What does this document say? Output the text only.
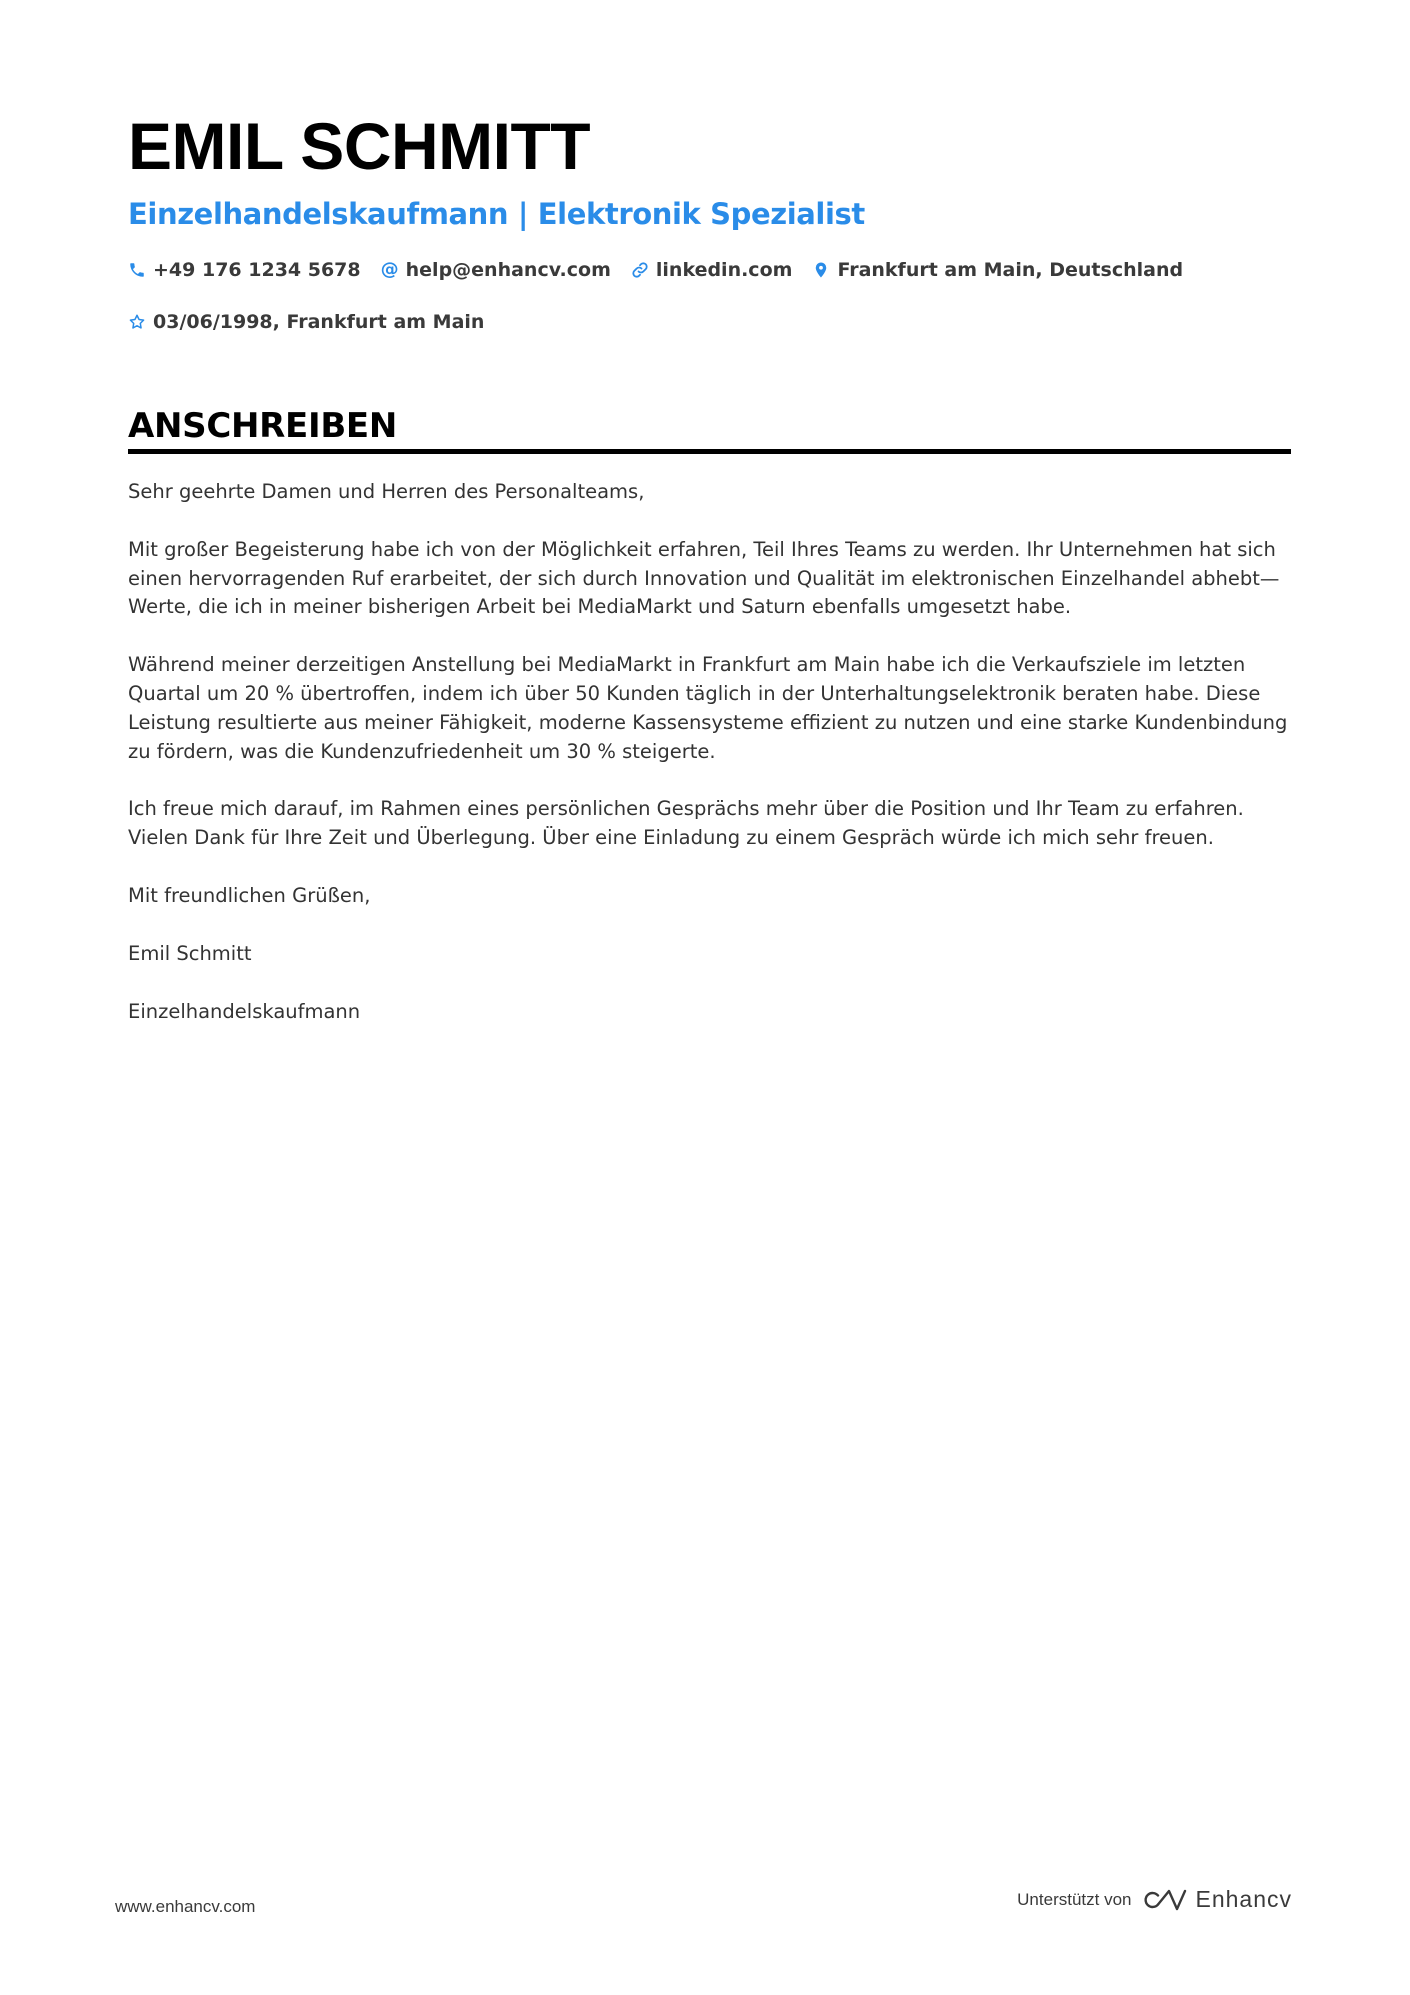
EMIL SCHMITT
Einzelhandelskaufmann | Elektronik Spezialist
+49 176 1234 5678 @ help@enhancv.com linkedin.com Frankfurt am Main, Deutschland
03/06/1998, Frankfurt am Main
ANSCHREIBEN

Sehr geehrte Damen und Herren des Personalteams,

Mit großer Begeisterung habe ich von der Möglichkeit erfahren, Teil Ihres Teams zu werden. Ihr Unternehmen hat sich einen hervorragenden Ruf erarbeitet, der sich durch Innovation und Qualität im elektronischen Einzelhandel abhebt—Werte, die ich in meiner bisherigen Arbeit bei MediaMarkt und Saturn ebenfalls umgesetzt habe.

Während meiner derzeitigen Anstellung bei MediaMarkt in Frankfurt am Main habe ich die Verkaufsziele im letzten Quartal um 20 % übertroffen, indem ich über 50 Kunden täglich in der Unterhaltungselektronik beraten habe. Diese Leistung resultierte aus meiner Fähigkeit, moderne Kassensysteme effizient zu nutzen und eine starke Kundenbindung zu fördern, was die Kundenzufriedenheit um 30 % steigerte.

Ich freue mich darauf, im Rahmen eines persönlichen Gesprächs mehr über die Position und Ihr Team zu erfahren. Vielen Dank für Ihre Zeit und Überlegung. Über eine Einladung zu einem Gespräch würde ich mich sehr freuen.

Mit freundlichen Grüßen,

Emil Schmitt

Einzelhandelskaufmann

www.enhancv.com	Unterstützt von	Enhancv
